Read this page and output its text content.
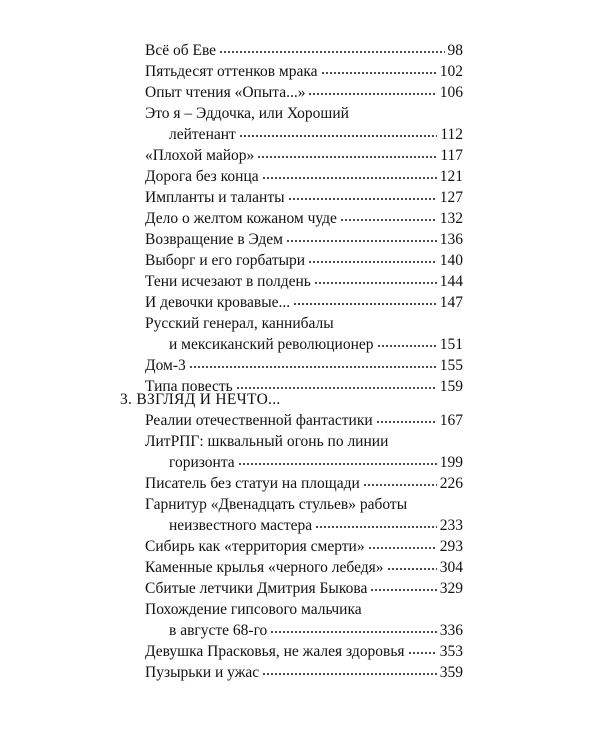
Всё об Еве	98
Пятьдесят оттенков мрака	102
Опыт чтения «Опыта...»	106
Это я – Эддочка, или Хороший
лейтенант	112
«Плохой майор»	117
Дорога без конца	121
Импланты и таланты	127
Дело о желтом кожаном чуде	132
Возвращение в Эдем	136
Выборг и его горбатыри	140
Тени исчезают в полдень	144
И девочки кровавые...	147
Русский генерал, каннибалы
и мексиканский революционер	151
Дом-3	155
Типа повесть	159
3. ВЗГЛЯД И НЕЧТО...
Реалии отечественной фантастики	167
ЛитРПГ: шквальный огонь по линии
горизонта	199
Писатель без статуи на площади	226
Гарнитур «Двенадцать стульев» работы
неизвестного мастера	233
Сибирь как «территория смерти»	293
Каменные крылья «черного лебедя»	304
Сбитые летчики Дмитрия Быкова	329
Похождение гипсового мальчика
в августе 68-го	336
Девушка Прасковья, не жалея здоровья 353
Пузырьки и ужас	359
